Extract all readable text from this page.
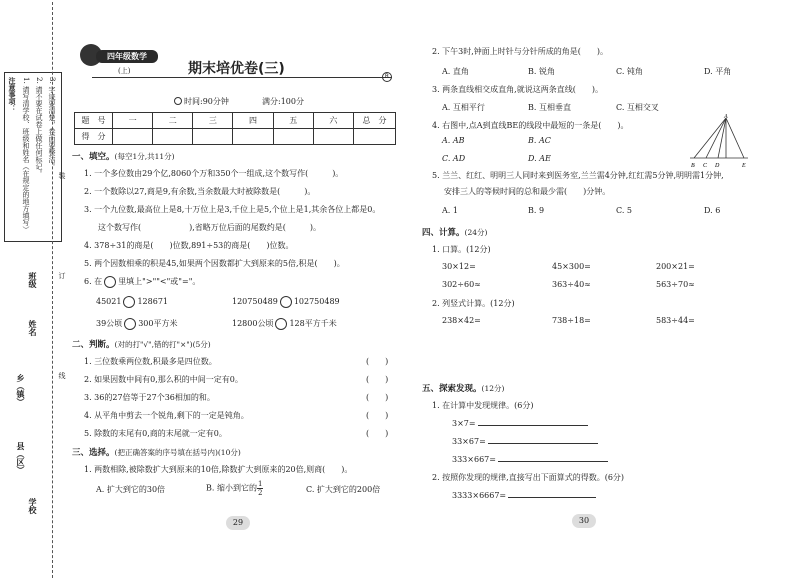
注意事项： 1. 请写清学校、班级和姓名（在规定的地方填写） 2. 请不要在试卷上做任何标记。 3. 字迹要清楚，卷面要整洁。
班级
姓名
学校
乡（镇）
县（区）
装
订
线
四年级数学
(上)	期末培优卷(三)	R
时间:90分钟	满分:100分
题　号	一	二	三	四	五	六	总　分
得　分							
一、填空。(每空1分,共11分)
1. 一个多位数由29个亿,8060个万和350个一组成,这个数写作(　　　)。
2. 一个数除以27,商是9,有余数,当余数最大时被除数是(　　　)。
3. 一个九位数,最高位上是8,十万位上是3,千位上是5,个位上是1,其余各位上都是0。
这个数写作(　　　　　　),省略万位后面的尾数约是(　　　)。
4. 378÷31的商是(　　)位数,891÷53的商是(　　)位数。
5. 两个因数相乘的积是45,如果两个因数都扩大到原来的5倍,积是(　　)。
6. 在 里填上">""<"或"="。
45021 128671	120750489 102750489
39公顷 300平方米	12800公顷 128平方千米
二、判断。(对的打"√",错的打"×")(5分)
1. 三位数乘两位数,积最多是四位数。	(　　)
2. 如果因数中间有0,那么积的中间一定有0。	(　　)
3. 36的27倍等于27个36相加的和。	(　　)
4. 从平角中剪去一个锐角,剩下的一定是钝角。	(　　)
5. 除数的末尾有0,商的末尾就一定有0。	(　　)
三、选择。(把正确答案的序号填在括号内)(10分)
1. 两数相除,被除数扩大到原来的10倍,除数扩大到原来的20倍,则商(　　)。
A. 扩大到它的30倍	B. 缩小到它的 $\frac{1}{2}$	C. 扩大到它的200倍
29
2. 下午3时,钟面上时针与分针所成的角是(　　)。
A. 直角	B. 锐角	C. 钝角	D. 平角
3. 两条直线相交成直角,就说这两条直线(　　)。
A. 互相平行	B. 互相垂直	C. 互相交叉
4. 右图中,点A到直线BE的线段中最短的一条是(　　)。
A. AB	B. AC
C. AD	D. AE
A
B C D	E
5. 兰兰、红红、明明三人同时来到医务室,兰兰需4分钟,红红需5分钟,明明需1分钟,
安排三人的等候时间的总和最少需(　　)分钟。
A. 1	B. 9	C. 5	D. 6
四、计算。(24分)
1. 口算。(12分)
30×12=	45×300=	200×21=
302÷60≈	363÷40≈	563÷70≈
2. 列竖式计算。(12分)
238×42=	738÷18=	583÷44=
五、探索发现。(12分)
1. 在计算中发现规律。(6分)
3×7=
33×67=
333×667=
2. 按照你发现的规律,直接写出下面算式的得数。(6分)
3333×6667=
30
